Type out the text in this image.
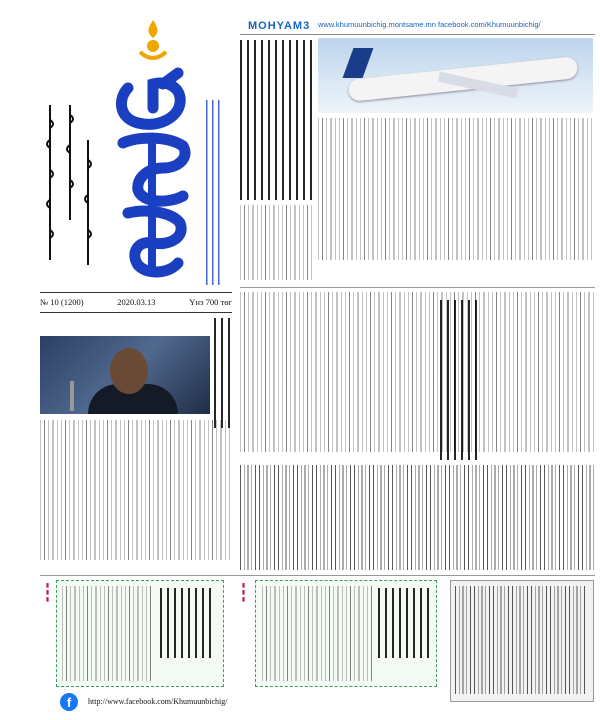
MOHYAM3 www.khumuunbichig.montsame.mn facebook.com/Khumuunbichig/
№ 10 (1200)	2020.03.13	Үнэ 700 төг
▮▮▮	▮▮▮
f	http://www.facebook.com/Khumuunbichig/
